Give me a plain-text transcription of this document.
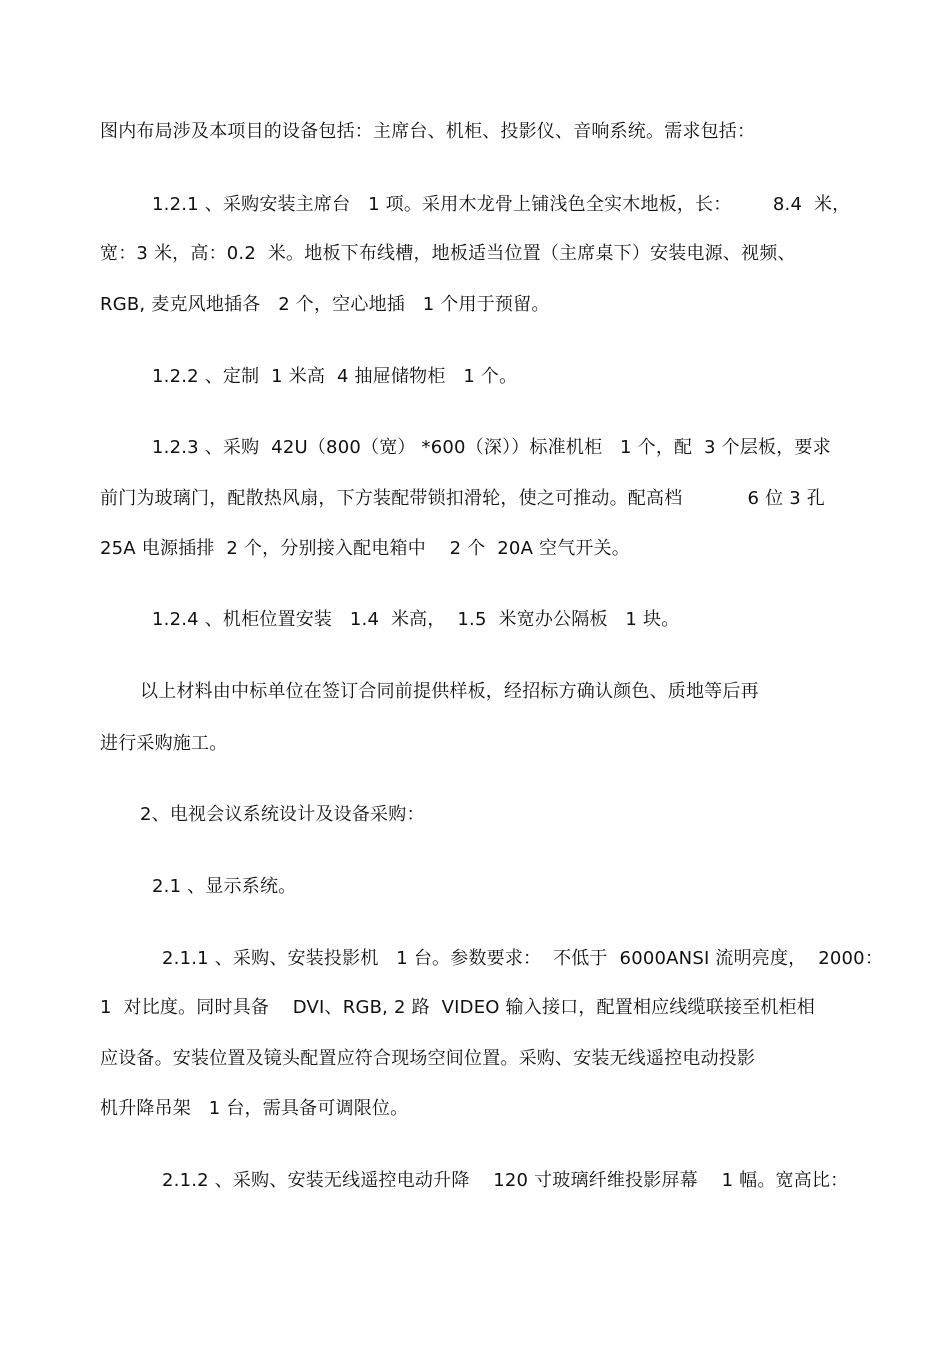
图内布局涉及本项目的设备包括：主席台、机柜、投影仪、音响系统。需求包括：
1.2.1 、采购安装主席台   1 项。采用木龙骨上铺浅色全实木地板，长：       8.4  米，
宽：3 米，高：0.2  米。地板下布线槽，地板适当位置（主席桌下）安装电源、视频、
RGB, 麦克风地插各   2 个，空心地插   1 个用于预留。
1.2.2 、定制  1 米高  4 抽屉储物柜   1 个。
1.2.3 、采购  42U（800（宽） *600（深））标准机柜   1 个，配  3 个层板，要求
前门为玻璃门，配散热风扇，下方装配带锁扣滑轮，使之可推动。配高档           6 位 3 孔
25A 电源插排  2 个，分别接入配电箱中    2 个  20A 空气开关。
1.2.4 、机柜位置安装   1.4  米高，  1.5  米宽办公隔板   1 块。
以上材料由中标单位在签订合同前提供样板，经招标方确认颜色、质地等后再
进行采购施工。
2、电视会议系统设计及设备采购：
2.1 、显示系统。
2.1.1 、采购、安装投影机   1 台。参数要求：  不低于  6000ANSI 流明亮度，  2000：
1  对比度。同时具备    DVI、RGB, 2 路  VIDEO 输入接口，配置相应线缆联接至机柜相
应设备。安装位置及镜头配置应符合现场空间位置。采购、安装无线遥控电动投影
机升降吊架   1 台，需具备可调限位。
2.1.2 、采购、安装无线遥控电动升降    120 寸玻璃纤维投影屏幕    1 幅。宽高比：
